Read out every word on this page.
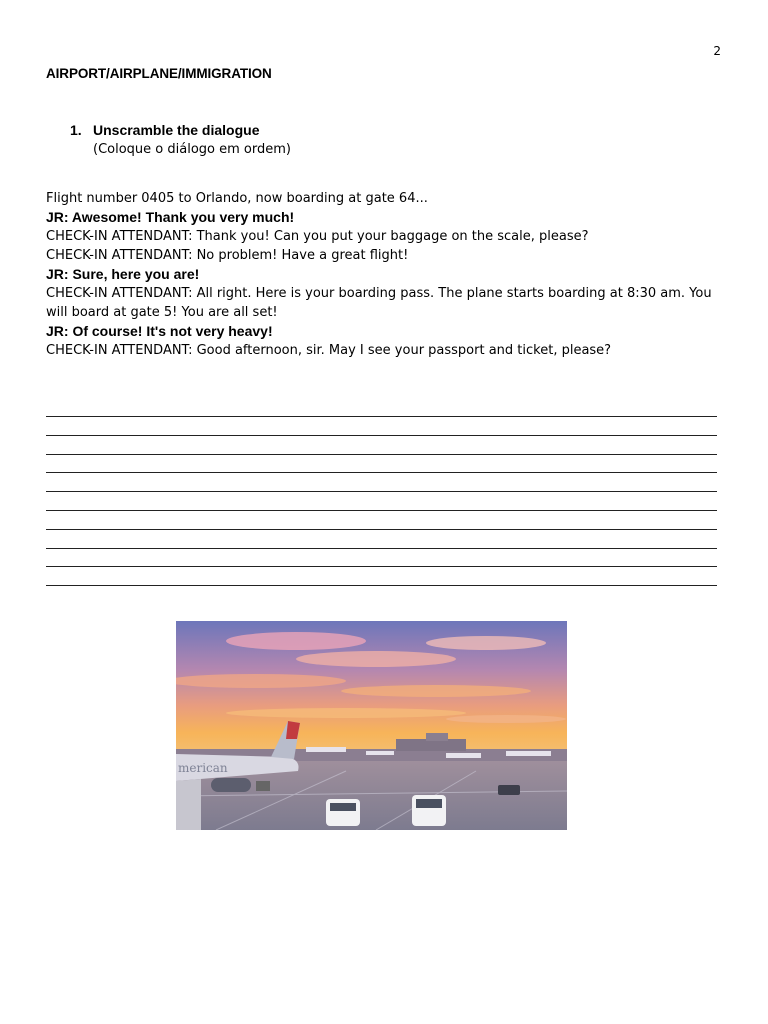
2
AIRPORT/AIRPLANE/IMMIGRATION
1. Unscramble the dialogue
(Coloque o diálogo em ordem)
Flight number 0405 to Orlando, now boarding at gate 64...
JR: Awesome! Thank you very much!
CHECK-IN ATTENDANT: Thank you! Can you put your baggage on the scale, please?
CHECK-IN ATTENDANT: No problem! Have a great flight!
JR: Sure, here you are!
CHECK-IN ATTENDANT: All right. Here is your boarding pass. The plane starts boarding at 8:30 am. You will board at gate 5! You are all set!
JR: Of course! It's not very heavy!
CHECK-IN ATTENDANT: Good afternoon, sir. May I see your passport and ticket, please?
merican
